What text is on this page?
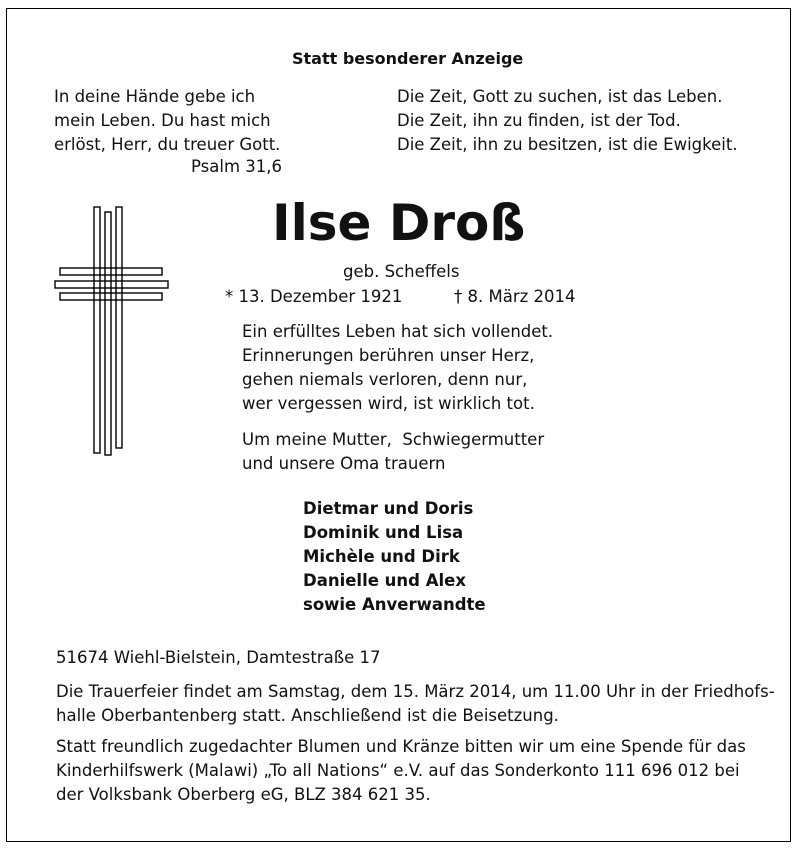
Statt besonderer Anzeige
In deine Hände gebe ich
mein Leben. Du hast mich
erlöst, Herr, du treuer Gott.
Psalm 31,6
Die Zeit, Gott zu suchen, ist das Leben.
Die Zeit, ihn zu finden, ist der Tod.
Die Zeit, ihn zu besitzen, ist die Ewigkeit.
Ilse Droß
geb. Scheffels
* 13. Dezember 1921	† 8. März 2014
Ein erfülltes Leben hat sich vollendet.
Erinnerungen berühren unser Herz,
gehen niemals verloren, denn nur,
wer vergessen wird, ist wirklich tot.
Um meine Mutter,  Schwiegermutter
und unsere Oma trauern
Dietmar und Doris
Dominik und Lisa
Michèle und Dirk
Danielle und Alex
sowie Anverwandte
51674 Wiehl-Bielstein, Damtestraße 17
Die Trauerfeier findet am Samstag, dem 15. März 2014, um 11.00 Uhr in der Friedhofs-
halle Oberbantenberg statt. Anschließend ist die Beisetzung.
Statt freundlich zugedachter Blumen und Kränze bitten wir um eine Spende für das
Kinderhilfswerk (Malawi) „To all Nations“ e.V. auf das Sonderkonto 111 696 012 bei
der Volksbank Oberberg eG, BLZ 384 621 35.
